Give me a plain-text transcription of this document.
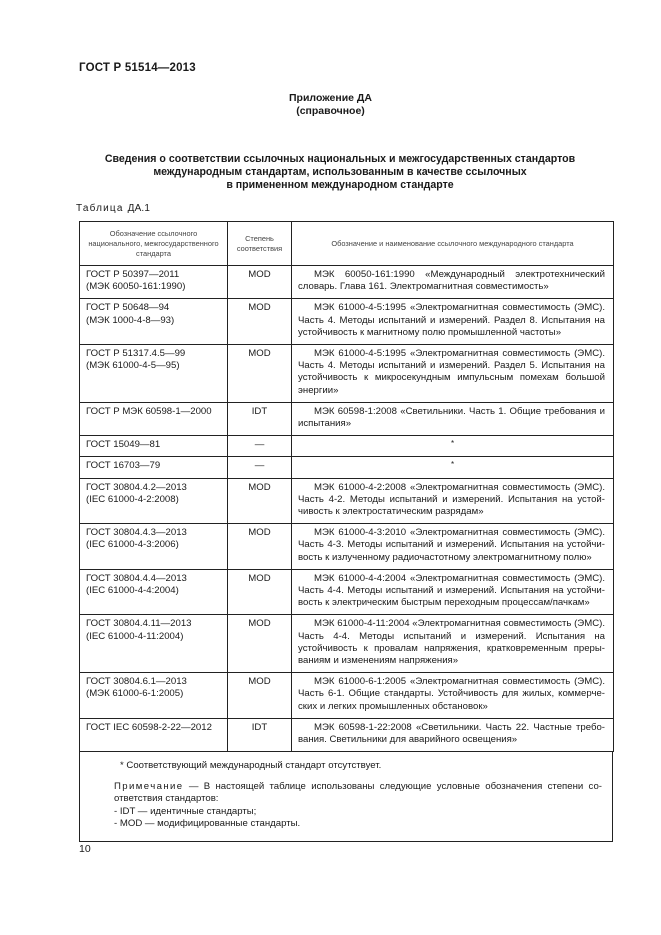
ГОСТ Р 51514—2013
Приложение ДА
(справочное)
Сведения о соответствии ссылочных национальных и межгосударственных стандартов
международным стандартам, использованным в качестве ссылочных
в примененном международном стандарте
Таблица ДА.1
Обозначение ссылочного национального, межгосударственного стандарта	Степень соответствия	Обозначение и наименование ссылочного международного стандарта

ГОСТ Р 50397—2011
(МЭК 60050-161:1990)	MOD	МЭК 60050-161:1990 «Международный электротехнический словарь. Глава 161. Электромагнитная совместимость»

ГОСТ Р 50648—94
(МЭК 1000-4-8—93)	MOD	МЭК 61000-4-5:1995 «Электромагнитная совместимость (ЭМС). Часть 4. Методы испытаний и измерений. Раздел 8. Испытания на устойчивость к магнитному полю промышленной частоты»

ГОСТ Р 51317.4.5—99
(МЭК 61000-4-5—95)	MOD	МЭК 61000-4-5:1995 «Электромагнитная совместимость (ЭМС). Часть 4. Методы испытаний и измерений. Раздел 5. Испытания на устойчивость к микросекундным импульсным помехам большой энергии»

ГОСТ Р МЭК 60598-1—2000	IDT	МЭК 60598-1:2008 «Светильники. Часть 1. Общие требования и испытания»

ГОСТ 15049—81	—	*

ГОСТ 16703—79	—	*

ГОСТ 30804.4.2—2013
(IEC 61000-4-2:2008)	MOD	МЭК 61000-4-2:2008 «Электромагнитная совместимость (ЭМС). Часть 4-2. Методы испытаний и измерений. Испытания на устойчивость к электростатическим разрядам»

ГОСТ 30804.4.3—2013
(IEC 61000-4-3:2006)	MOD	МЭК 61000-4-3:2010 «Электромагнитная совместимость (ЭМС). Часть 4-3. Методы испытаний и измерений. Испытания на устойчивость к излученному радиочастотному электромагнитному полю»

ГОСТ 30804.4.4—2013
(IEC 61000-4-4:2004)	MOD	МЭК 61000-4-4:2004 «Электромагнитная совместимость (ЭМС). Часть 4-4. Методы испытаний и измерений. Испытания на устойчивость к электрическим быстрым переходным процессам/пачкам»

ГОСТ 30804.4.11—2013
(IEC 61000-4-11:2004)	MOD	МЭК 61000-4-11:2004 «Электромагнитная совместимость (ЭМС). Часть 4-4. Методы испытаний и измерений. Испытания на устойчивость к провалам напряжения, кратковременным прерываниям и изменениям напряжения»

ГОСТ 30804.6.1—2013
(МЭК 61000-6-1:2005)	MOD	МЭК 61000-6-1:2005 «Электромагнитная совместимость (ЭМС). Часть 6-1. Общие стандарты. Устойчивость для жилых, коммерческих и легких промышленных обстановок»

ГОСТ IEC 60598-2-22—2012	IDT	МЭК 60598-1-22:2008 «Светильники. Часть 22. Частные требования. Светильники для аварийного освещения»
* Соответствующий международный стандарт отсутствует.
Примечание — В настоящей таблице использованы следующие условные обозначения степени соответствия стандартов:
- IDT — идентичные стандарты;
- MOD — модифицированные стандарты.
10
